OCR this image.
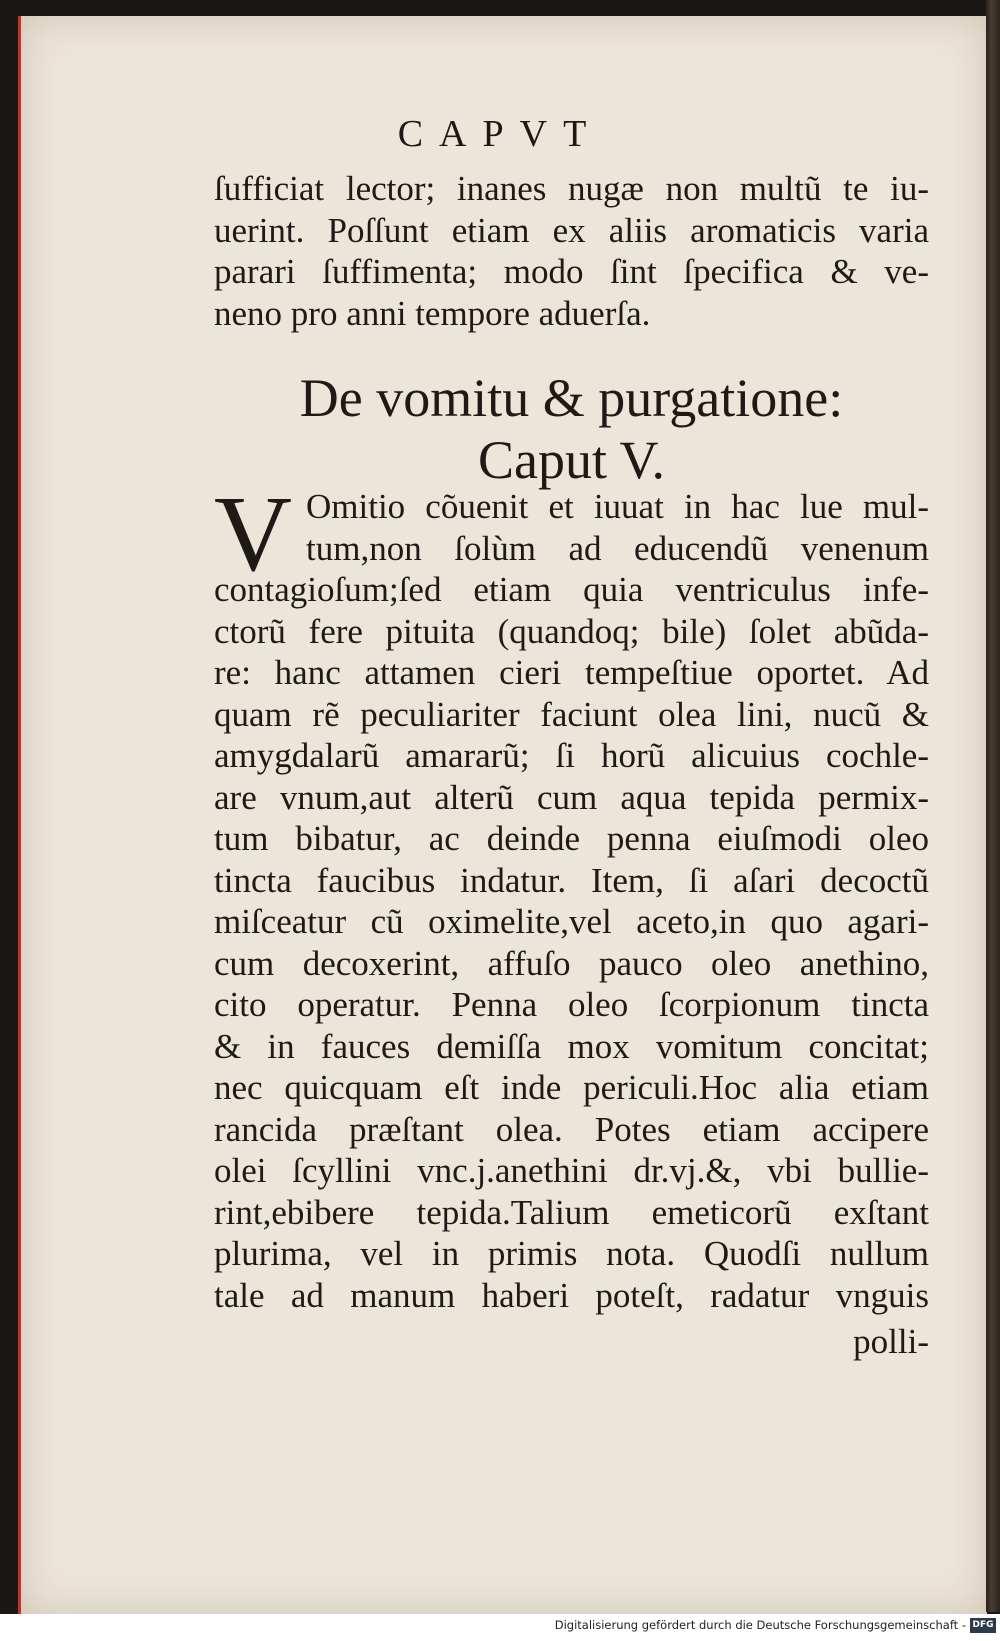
CAPVT
ſufficiat lector; inanes nugæ non multũ te iu-
uerint. Poſſunt etiam ex aliis aromaticis varia
parari ſuffimenta; modo ſint ſpecifica & ve-
neno pro anni tempore aduerſa.
De vomitu & purgatione:
Caput V.
V Omitio cõuenit et iuuat in hac lue mul-
tum,non ſolùm ad educendũ venenum
contagioſum;ſed etiam quia ventriculus infe-
ctorũ fere pituita (quandoq; bile) ſolet abũda-
re: hanc attamen cieri tempeſtiue oportet. Ad
quam rẽ peculiariter faciunt olea lini, nucũ &
amygdalarũ amararũ; ſi horũ alicuius cochle-
are vnum,aut alterũ cum aqua tepida permix-
tum bibatur, ac deinde penna eiuſmodi oleo
tincta faucibus indatur. Item, ſi aſari decoctũ
miſceatur cũ oximelite,vel aceto,in quo agari-
cum decoxerint, affuſo pauco oleo anethino,
cito operatur. Penna oleo ſcorpionum tincta
& in fauces demiſſa mox vomitum concitat;
nec quicquam eſt inde periculi.Hoc alia etiam
rancida præſtant olea. Potes etiam accipere
olei ſcyllini vnc.j.anethini dr.vj.&, vbi bullie-
rint,ebibere tepida.Talium emeticorũ exſtant
plurima, vel in primis nota. Quodſi nullum
tale ad manum haberi poteſt, radatur vnguis
polli-
Digitalisierung gefördert durch die Deutsche Forschungsgemeinschaft - DFG
